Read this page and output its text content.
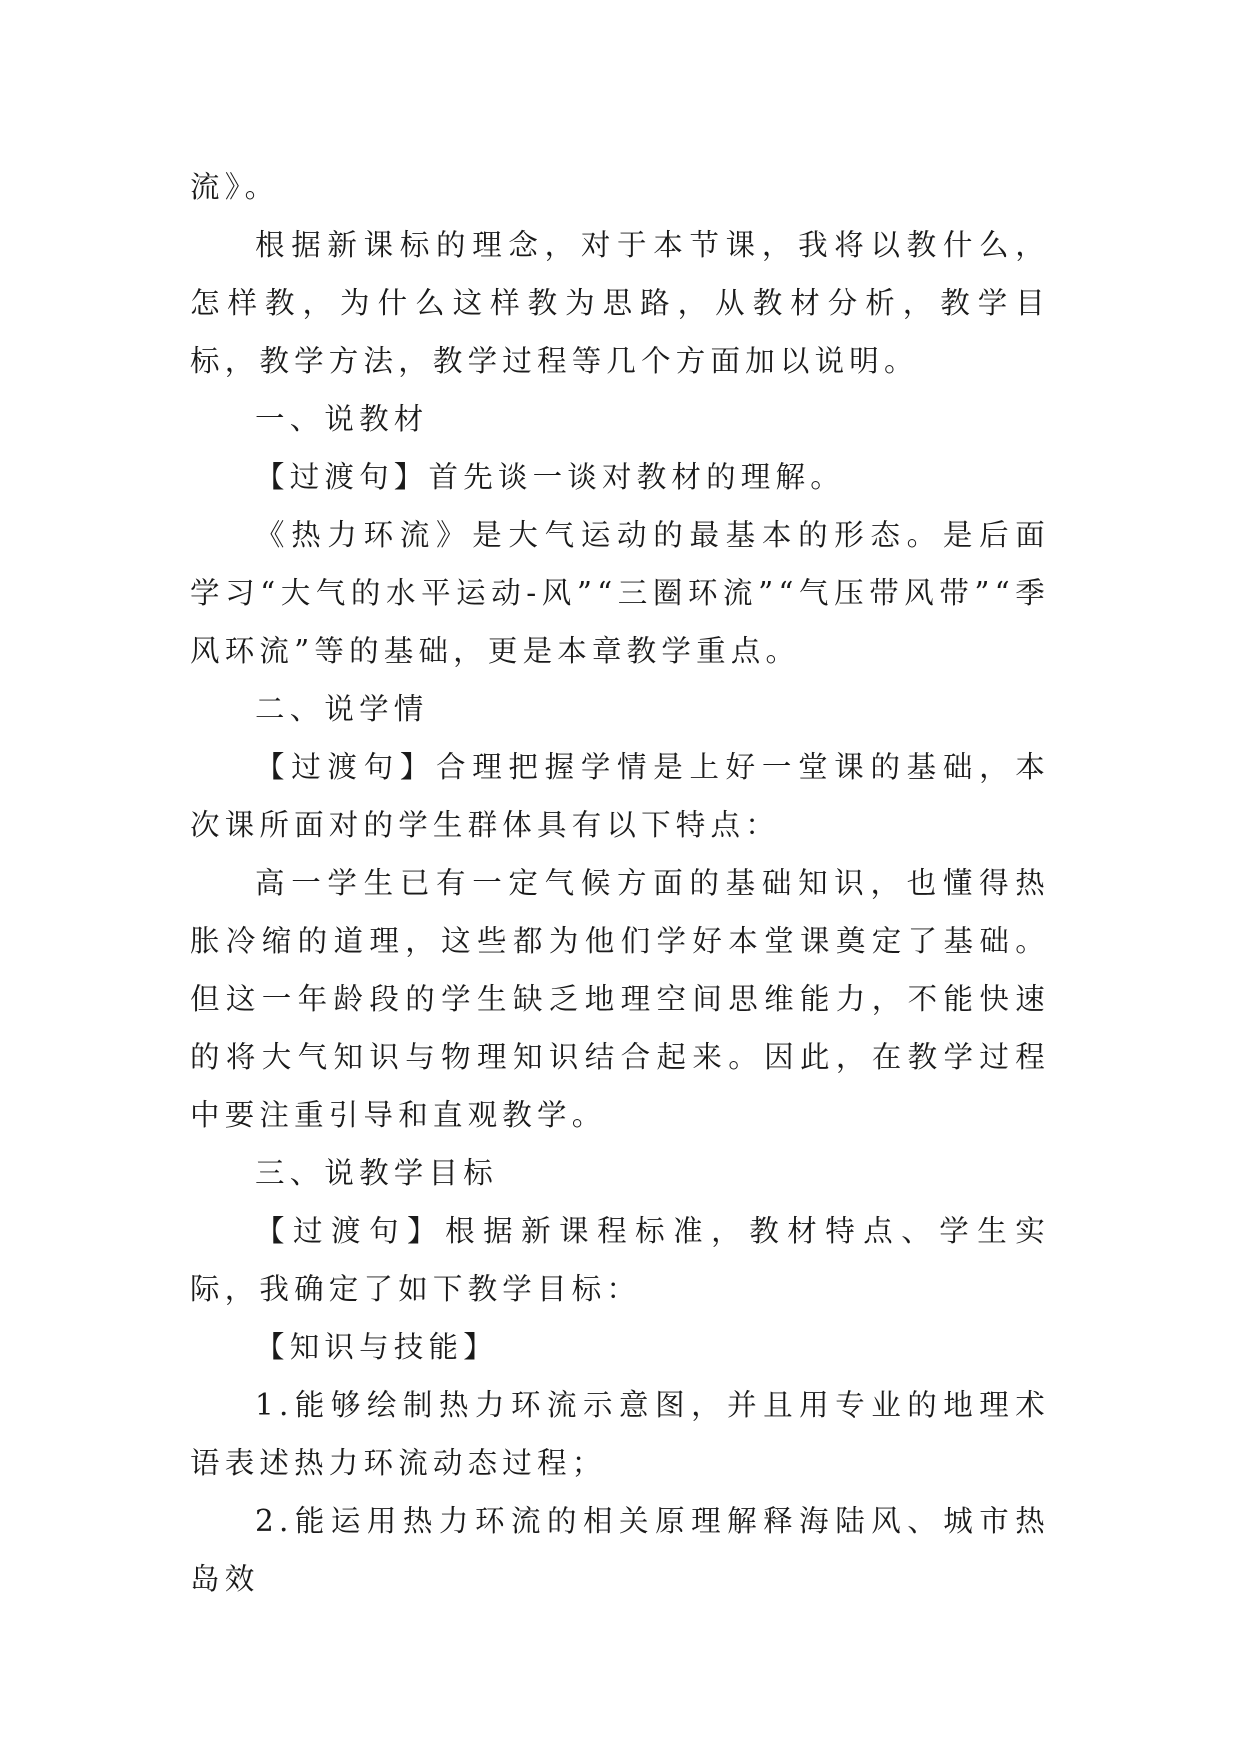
流》。

根据新课标的理念，对于本节课，我将以教什么，怎样教，为什么这样教为思路，从教材分析，教学目标，教学方法，教学过程等几个方面加以说明。

一、说教材

【过渡句】首先谈一谈对教材的理解。

《热力环流》是大气运动的最基本的形态。是后面学习“大气的水平运动-风”“三圈环流”“气压带风带”“季风环流”等的基础，更是本章教学重点。

二、说学情

【过渡句】合理把握学情是上好一堂课的基础，本次课所面对的学生群体具有以下特点：

高一学生已有一定气候方面的基础知识，也懂得热胀冷缩的道理，这些都为他们学好本堂课奠定了基础。但这一年龄段的学生缺乏地理空间思维能力，不能快速的将大气知识与物理知识结合起来。因此，在教学过程中要注重引导和直观教学。

三、说教学目标

【过渡句】根据新课程标准，教材特点、学生实际，我确定了如下教学目标：

【知识与技能】

1.能够绘制热力环流示意图，并且用专业的地理术语表述热力环流动态过程；

2.能运用热力环流的相关原理解释海陆风、城市热岛效
